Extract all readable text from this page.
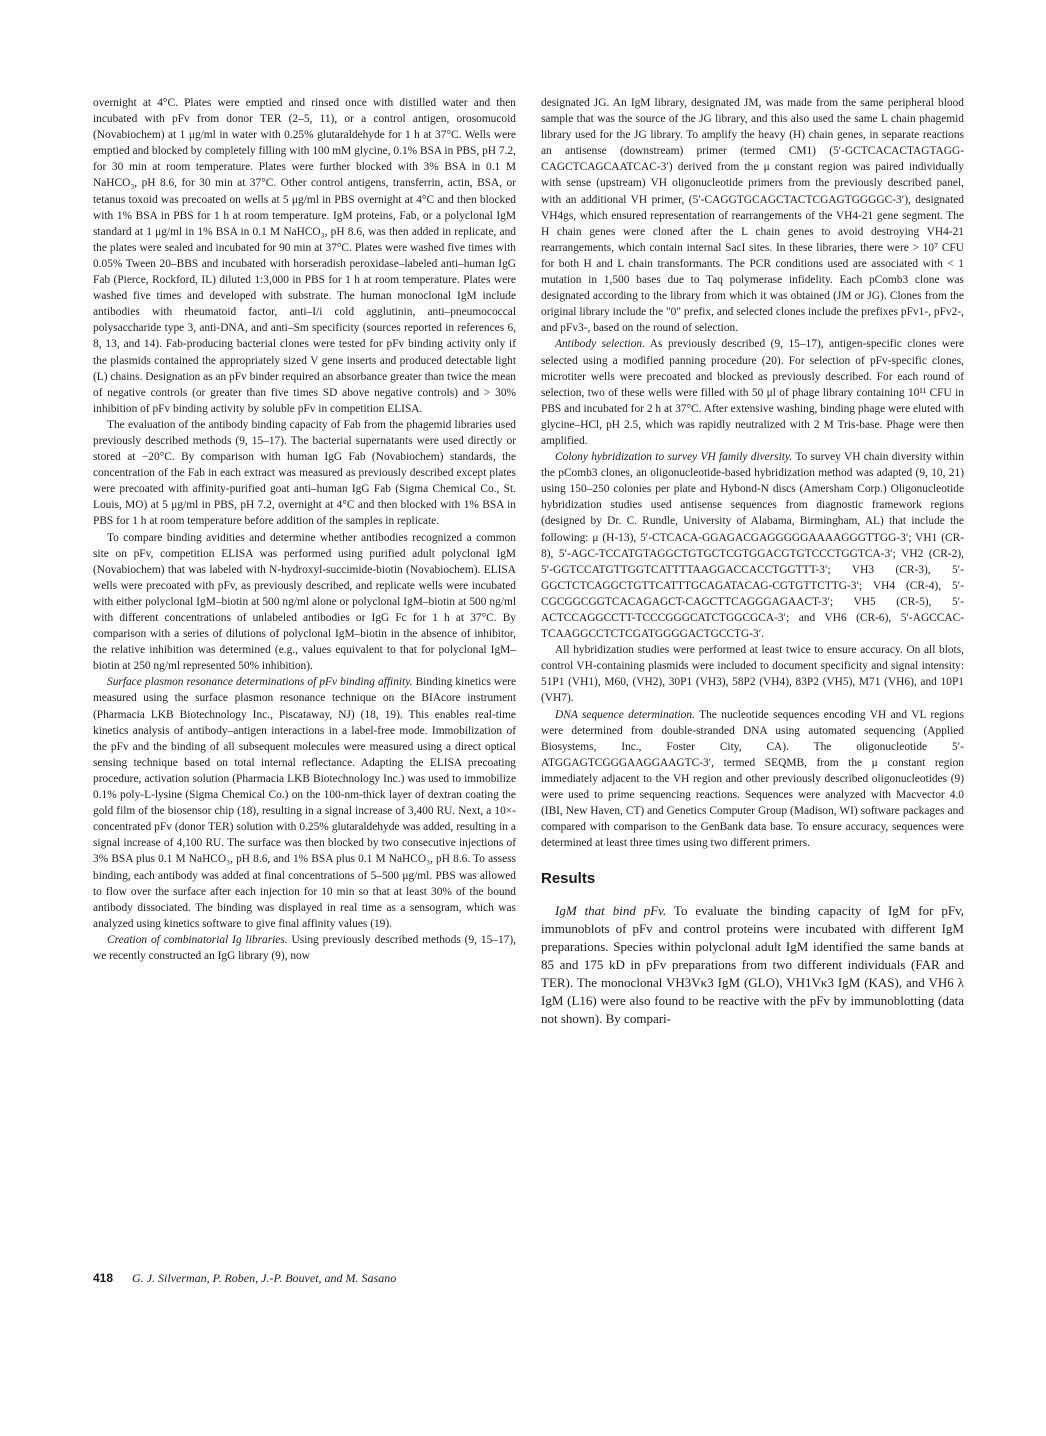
overnight at 4°C. Plates were emptied and rinsed once with distilled water and then incubated with pFv from donor TER (2–5, 11), or a control antigen, orosomucoid (Novabiochem) at 1 μg/ml in water with 0.25% glutaraldehyde for 1 h at 37°C. Wells were emptied and blocked by completely filling with 100 mM glycine, 0.1% BSA in PBS, pH 7.2, for 30 min at room temperature. Plates were further blocked with 3% BSA in 0.1 M NaHCO₃, pH 8.6, for 30 min at 37°C. Other control antigens, transferrin, actin, BSA, or tetanus toxoid was precoated on wells at 5 μg/ml in PBS overnight at 4°C and then blocked with 1% BSA in PBS for 1 h at room temperature. IgM proteins, Fab, or a polyclonal IgM standard at 1 μg/ml in 1% BSA in 0.1 M NaHCO₃, pH 8.6, was then added in replicate, and the plates were sealed and incubated for 90 min at 37°C. Plates were washed five times with 0.05% Tween 20–BBS and incubated with horseradish peroxidase–labeled anti–human IgG Fab (Pierce, Rockford, IL) diluted 1:3,000 in PBS for 1 h at room temperature. Plates were washed five times and developed with substrate. The human monoclonal IgM include antibodies with rheumatoid factor, anti–I/i cold agglutinin, anti–pneumococcal polysaccharide type 3, anti-DNA, and anti–Sm specificity (sources reported in references 6, 8, 13, and 14). Fab-producing bacterial clones were tested for pFv binding activity only if the plasmids contained the appropriately sized V gene inserts and produced detectable light (L) chains. Designation as an pFv binder required an absorbance greater than twice the mean of negative controls (or greater than five times SD above negative controls) and > 30% inhibition of pFv binding activity by soluble pFv in competition ELISA.

The evaluation of the antibody binding capacity of Fab from the phagemid libraries used previously described methods (9, 15–17). The bacterial supernatants were used directly or stored at −20°C. By comparison with human IgG Fab (Novabiochem) standards, the concentration of the Fab in each extract was measured as previously described except plates were precoated with affinity-purified goat anti–human IgG Fab (Sigma Chemical Co., St. Louis, MO) at 5 μg/ml in PBS, pH 7.2, overnight at 4°C and then blocked with 1% BSA in PBS for 1 h at room temperature before addition of the samples in replicate.

To compare binding avidities and determine whether antibodies recognized a common site on pFv, competition ELISA was performed using purified adult polyclonal IgM (Novabiochem) that was labeled with N-hydroxyl-succimide-biotin (Novabiochem). ELISA wells were precoated with pFv, as previously described, and replicate wells were incubated with either polyclonal IgM–biotin at 500 ng/ml alone or polyclonal IgM–biotin at 500 ng/ml with different concentrations of unlabeled antibodies or IgG Fc for 1 h at 37°C. By comparison with a series of dilutions of polyclonal IgM–biotin in the absence of inhibitor, the relative inhibition was determined (e.g., values equivalent to that for polyclonal IgM–biotin at 250 ng/ml represented 50% inhibition).

Surface plasmon resonance determinations of pFv binding affinity. Binding kinetics were measured using the surface plasmon resonance technique on the BIAcore instrument (Pharmacia LKB Biotechnology Inc., Piscataway, NJ) (18, 19). This enables real-time kinetics analysis of antibody–antigen interactions in a label-free mode. Immobilization of the pFv and the binding of all subsequent molecules were measured using a direct optical sensing technique based on total internal reflectance. Adapting the ELISA precoating procedure, activation solution (Pharmacia LKB Biotechnology Inc.) was used to immobilize 0.1% poly-L-lysine (Sigma Chemical Co.) on the 100-nm-thick layer of dextran coating the gold film of the biosensor chip (18), resulting in a signal increase of 3,400 RU. Next, a 10×-concentrated pFv (donor TER) solution with 0.25% glutaraldehyde was added, resulting in a signal increase of 4,100 RU. The surface was then blocked by two consecutive injections of 3% BSA plus 0.1 M NaHCO₃, pH 8.6, and 1% BSA plus 0.1 M NaHCO₃, pH 8.6. To assess binding, each antibody was added at final concentrations of 5–500 μg/ml. PBS was allowed to flow over the surface after each injection for 10 min so that at least 30% of the bound antibody dissociated. The binding was displayed in real time as a sensogram, which was analyzed using kinetics software to give final affinity values (19).

Creation of combinatorial Ig libraries. Using previously described methods (9, 15–17), we recently constructed an IgG library (9), now

designated JG. An IgM library, designated JM, was made from the same peripheral blood sample that was the source of the JG library, and this also used the same L chain phagemid library used for the JG library. To amplify the heavy (H) chain genes, in separate reactions an antisense (downstream) primer (termed CM1) (5′-GCTCACACTAGTAGG-CAGCTCAGCAATCAC-3′) derived from the μ constant region was paired individually with sense (upstream) VH oligonucleotide primers from the previously described panel, with an additional VH primer, (5′-CAGGTGCAGCTACTCGAGTGGGGC-3′), designated VH4gs, which ensured representation of rearrangements of the VH4-21 gene segment. The H chain genes were cloned after the L chain genes to avoid destroying VH4-21 rearrangements, which contain internal SacI sites. In these libraries, there were > 10⁷ CFU for both H and L chain transformants. The PCR conditions used are associated with < 1 mutation in 1,500 bases due to Taq polymerase infidelity. Each pComb3 clone was designated according to the library from which it was obtained (JM or JG). Clones from the original library include the "0" prefix, and selected clones include the prefixes pFv1-, pFv2-, and pFv3-, based on the round of selection.

Antibody selection. As previously described (9, 15–17), antigen-specific clones were selected using a modified panning procedure (20). For selection of pFv-specific clones, microtiter wells were precoated and blocked as previously described. For each round of selection, two of these wells were filled with 50 μl of phage library containing 10¹¹ CFU in PBS and incubated for 2 h at 37°C. After extensive washing, binding phage were eluted with glycine–HCl, pH 2.5, which was rapidly neutralized with 2 M Tris-base. Phage were then amplified.

Colony hybridization to survey VH family diversity. To survey VH chain diversity within the pComb3 clones, an oligonucleotide-based hybridization method was adapted (9, 10, 21) using 150–250 colonies per plate and Hybond-N discs (Amersham Corp.) Oligonucleotide hybridization studies used antisense sequences from diagnostic framework regions (designed by Dr. C. Rundle, University of Alabama, Birmingham, AL) that include the following: μ (H-13), 5′-CTCACA-GGAGACGAGGGGGAAAAGGGTTGG-3′; VH1 (CR-8), 5′-AGC-TCCATGTAGGCTGTGCTCGTGGACGTGTCCCTGGTCA-3′; VH2 (CR-2), 5′-GGTCCATGTTGGTCATTTTAAGGACCACCTGGTTT-3′; VH3 (CR-3), 5′-GGCTCTCAGGCTGTTCATTTGCAGATACAG-CGTGTTCTTG-3′; VH4 (CR-4), 5′-CGCGGCGGTCACAGAGCT-CAGCTTCAGGGAGAACT-3′; VH5 (CR-5), 5′-ACTCCAGGCCTT-TCCCGGGCATCTGGCGCA-3′; and VH6 (CR-6), 5′-AGCCAC-TCAAGGCCTCTCGATGGGGACTGCCTG-3′.

All hybridization studies were performed at least twice to ensure accuracy. On all blots, control VH-containing plasmids were included to document specificity and signal intensity: 51P1 (VH1), M60, (VH2), 30P1 (VH3), 58P2 (VH4), 83P2 (VH5), M71 (VH6), and 10P1 (VH7).

DNA sequence determination. The nucleotide sequences encoding VH and VL regions were determined from double-stranded DNA using automated sequencing (Applied Biosystems, Inc., Foster City, CA). The oligonucleotide 5′-ATGGAGTCGGGAAGGAAGTC-3′, termed SEQMB, from the μ constant region immediately adjacent to the VH region and other previously described oligonucleotides (9) were used to prime sequencing reactions. Sequences were analyzed with Macvector 4.0 (IBI, New Haven, CT) and Genetics Computer Group (Madison, WI) software packages and compared with comparison to the GenBank data base. To ensure accuracy, sequences were determined at least three times using two different primers.

Results

IgM that bind pFv. To evaluate the binding capacity of IgM for pFv, immunoblots of pFv and control proteins were incubated with different IgM preparations. Species within polyclonal adult IgM identified the same bands at 85 and 175 kD in pFv preparations from two different individuals (FAR and TER). The monoclonal VH3Vκ3 IgM (GLO), VH1Vκ3 IgM (KAS), and VH6 λ IgM (L16) were also found to be reactive with the pFv by immunoblotting (data not shown). By compari-

418 G. J. Silverman, P. Roben, J.-P. Bouvet, and M. Sasano
